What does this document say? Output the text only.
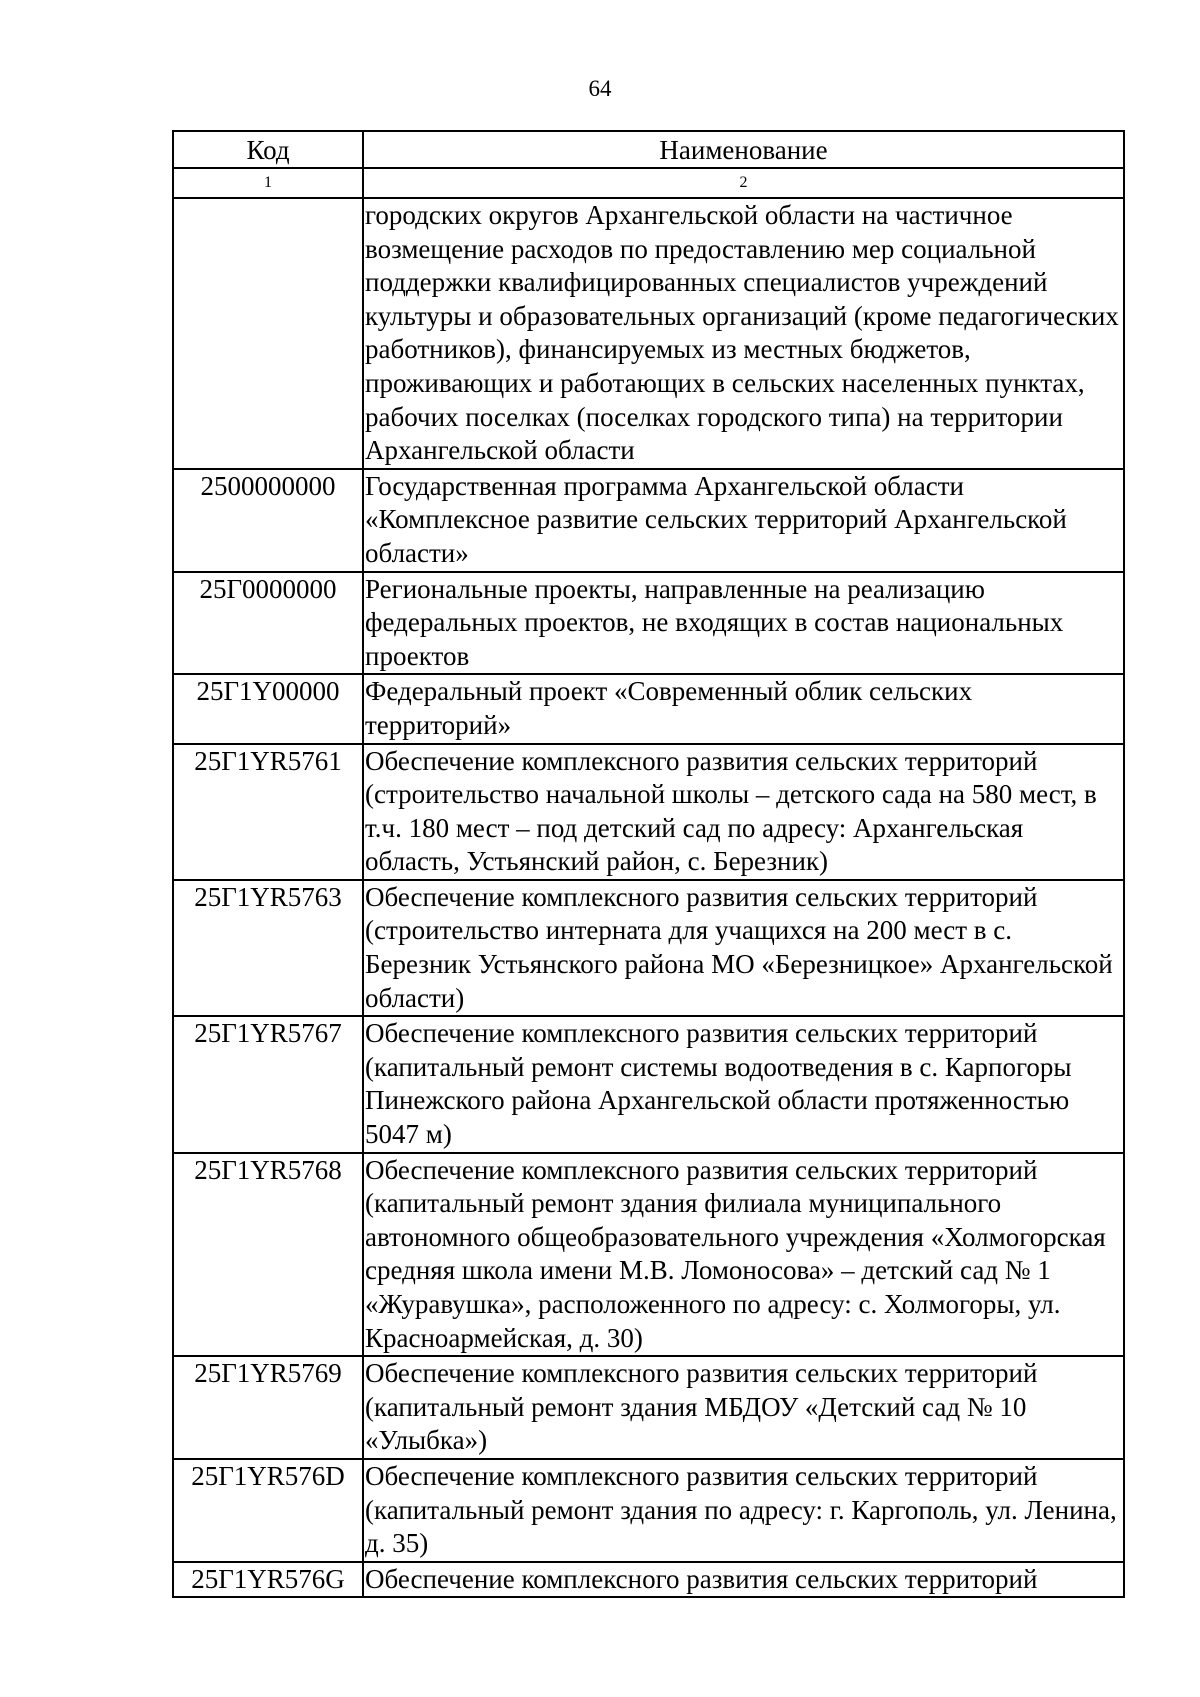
64
Код	Наименование
1	2
	городских округов Архангельской области на частичное возмещение расходов по предоставлению мер социальной поддержки квалифицированных специалистов учреждений культуры и образовательных организаций (кроме педагогических работников), финансируемых из местных бюджетов, проживающих и работающих в сельских населенных пунктах, рабочих поселках (поселках городского типа) на территории Архангельской области
2500000000	Государственная программа Архангельской области «Комплексное развитие сельских территорий Архангельской области»
25Г0000000	Региональные проекты, направленные на реализацию федеральных проектов, не входящих в состав национальных проектов
25Г1Y00000	Федеральный проект «Современный облик сельских территорий»
25Г1YR5761	Обеспечение комплексного развития сельских территорий (строительство начальной школы – детского сада на 580 мест, в т.ч. 180 мест – под детский сад по адресу: Архангельская область, Устьянский район, с. Березник)
25Г1YR5763	Обеспечение комплексного развития сельских территорий (строительство интерната для учащихся на 200 мест в с. Березник Устьянского района МО «Березницкое» Архангельской области)
25Г1YR5767	Обеспечение комплексного развития сельских территорий (капитальный ремонт системы водоотведения в с. Карпогоры Пинежского района Архангельской области протяженностью 5047 м)
25Г1YR5768	Обеспечение комплексного развития сельских территорий (капитальный ремонт здания филиала муниципального автономного общеобразовательного учреждения «Холмогорская средняя школа имени М.В. Ломоносова» – детский сад № 1 «Журавушка», расположенного по адресу: с. Холмогоры, ул. Красноармейская, д. 30)
25Г1YR5769	Обеспечение комплексного развития сельских территорий (капитальный ремонт здания МБДОУ «Детский сад № 10 «Улыбка»)
25Г1YR576D	Обеспечение комплексного развития сельских территорий (капитальный ремонт здания по адресу: г. Каргополь, ул. Ленина, д. 35)
25Г1YR576G	Обеспечение комплексного развития сельских территорий
